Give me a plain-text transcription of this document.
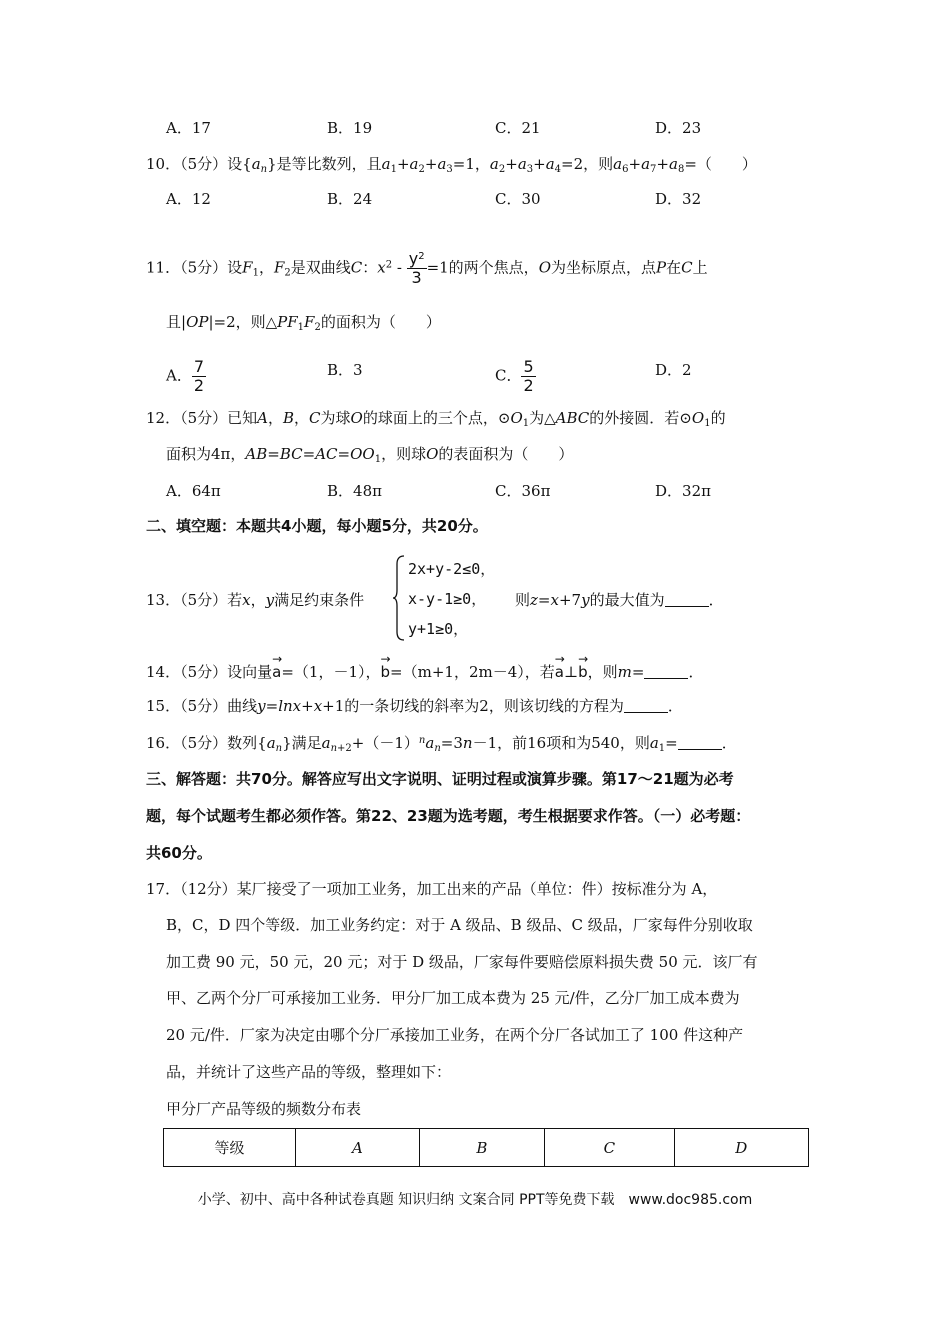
A．17	B．19	C．21	D．23
10．（5分）设$\{a_n\}$是等比数列，且$a_1+a_2+a_3=1$，$a_2+a_3+a_4=2$，则$a_6+a_7+a_8=$（　　）
A．12	B．24	C．30	D．32
11．（5分）设$F_1$，$F_2$是双曲线C：$x^2 - \frac{y^2}{3} =1$的两个焦点，O为坐标原点，点P在C上
且|OP|=2，则$\triangle PF_1F_2$的面积为（　　）
A． $\frac{7}{2}$	B．3	C． $\frac{5}{2}$	D．2
12．（5分）已知A，B，C为球O的球面上的三个点，$⊙O_1$为△ABC的外接圆．若$⊙O_1$的
面积为4π，$AB=BC=AC=OO_1$，则球O的表面积为（　　）
A．64π	B．48π	C．36π	D．32π
二、填空题：本题共4小题，每小题5分，共20分。
13．（5分）若x，y满足约束条件
2x+y-2≤0，
x-y-1≥0，
y+1≥0，
则z=x+7y的最大值为	．
14．（5分）设向量→ a=（1，－1），→ b=（m+1，2m－4），若→ a⊥→ b，则m=	．
15．（5分）曲线y=lnx+x+1的一条切线的斜率为2，则该切线的方程为	．
16．（5分）数列$\{a_n\}$满足$a_{n+2}+(-1)^na_n=3n-1$，前16项和为540，则$a_1=$	．
三、解答题：共70分。解答应写出文字说明、证明过程或演算步骤。第17～21题为必考
题，每个试题考生都必须作答。第22、23题为选考题，考生根据要求作答。（一）必考题：
共60分。
17．（12分）某厂接受了一项加工业务，加工出来的产品（单位：件）按标准分为 A，
B，C，D 四个等级．加工业务约定：对于 A 级品、B 级品、C 级品，厂家每件分别收取
加工费 90 元，50 元，20 元；对于 D 级品，厂家每件要赔偿原料损失费 50 元．该厂有
甲、乙两个分厂可承接加工业务．甲分厂加工成本费为 25 元/件，乙分厂加工成本费为
20 元/件．厂家为决定由哪个分厂承接加工业务，在两个分厂各试加工了 100 件这种产
品，并统计了这些产品的等级，整理如下：
甲分厂产品等级的频数分布表
等级	A	B	C	D
小学、初中、高中各种试卷真题 知识归纳 文案合同 PPT等免费下载　www.doc985.com
